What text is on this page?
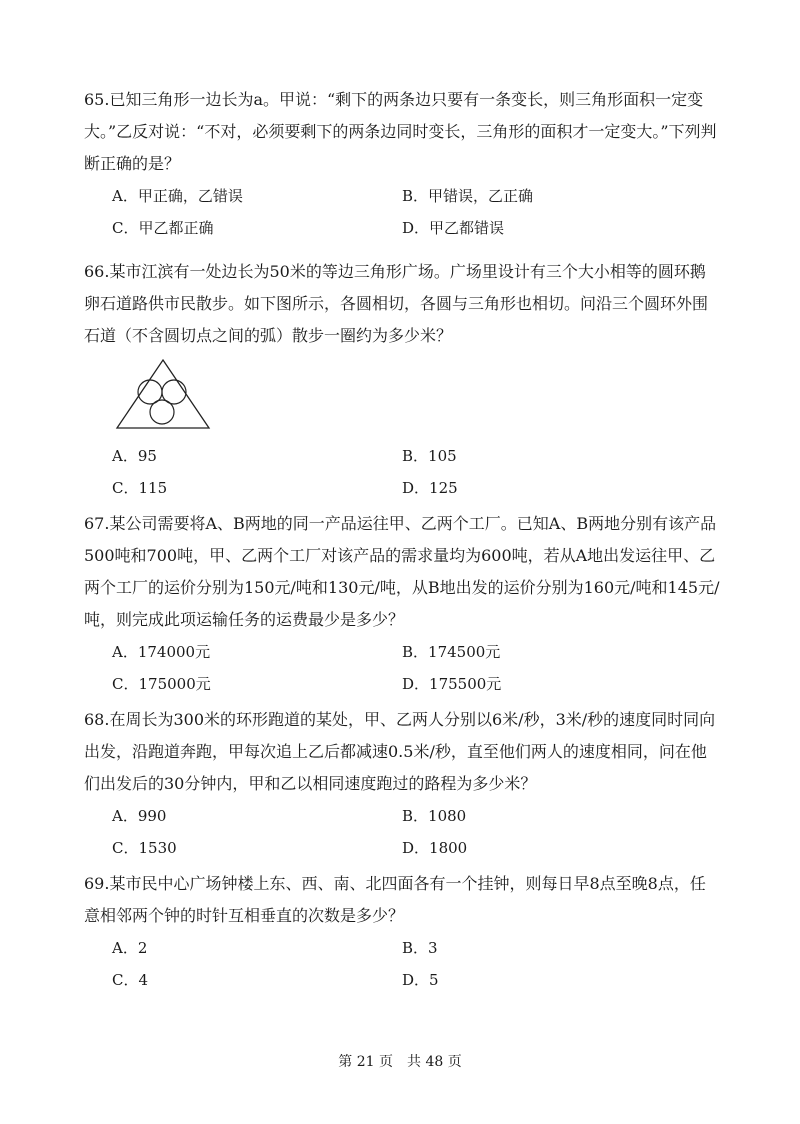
65.已知三角形一边长为a。甲说：“剩下的两条边只要有一条变长，则三角形面积一定变大。”乙反对说：“不对，必须要剩下的两条边同时变长，三角形的面积才一定变大。”下列判断正确的是？
A．甲正确，乙错误	B．甲错误，乙正确
C．甲乙都正确	D．甲乙都错误
66.某市江滨有一处边长为50米的等边三角形广场。广场里设计有三个大小相等的圆环鹅卵石道路供市民散步。如下图所示，各圆相切，各圆与三角形也相切。问沿三个圆环外围石道（不含圆切点之间的弧）散步一圈约为多少米？
A．95	B．105
C．115	D．125
67.某公司需要将A、B两地的同一产品运往甲、乙两个工厂。已知A、B两地分别有该产品500吨和700吨，甲、乙两个工厂对该产品的需求量均为600吨，若从A地出发运往甲、乙两个工厂的运价分别为150元/吨和130元/吨，从B地出发的运价分别为160元/吨和145元/吨，则完成此项运输任务的运费最少是多少？
A．174000元	B．174500元
C．175000元	D．175500元
68.在周长为300米的环形跑道的某处，甲、乙两人分别以6米/秒，3米/秒的速度同时同向出发，沿跑道奔跑，甲每次追上乙后都减速0.5米/秒，直至他们两人的速度相同，问在他们出发后的30分钟内，甲和乙以相同速度跑过的路程为多少米？
A．990	B．1080
C．1530	D．1800
69.某市民中心广场钟楼上东、西、南、北四面各有一个挂钟，则每日早8点至晚8点，任意相邻两个钟的时针互相垂直的次数是多少？
A．2	B．3
C．4	D．5
第 21 页　共 48 页
